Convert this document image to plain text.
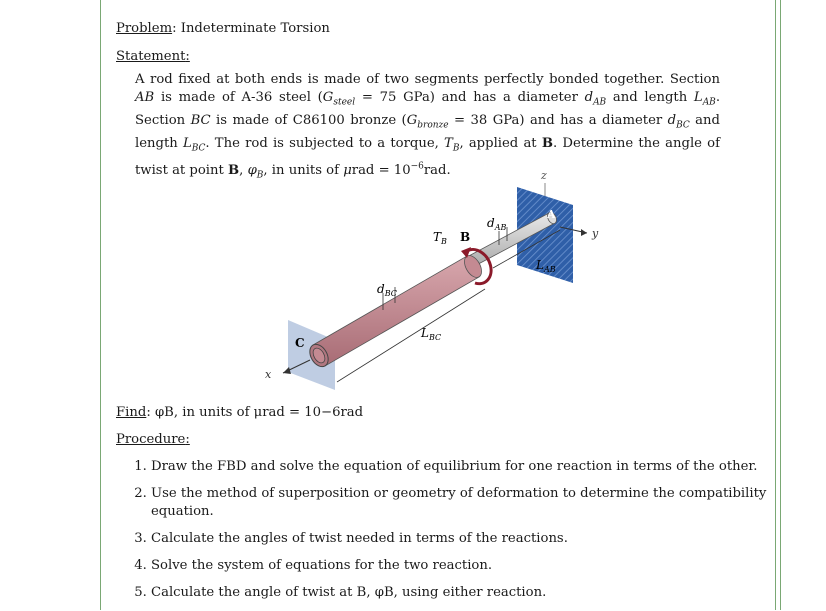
Problem: Indeterminate Torsion
Statement:

A rod fixed at both ends is made of two segments perfectly bonded together. Section AB is made of A-36 steel ($G_{steel} = 75$ GPa) and has a diameter $d_{AB}$ and length $L_{AB}$. Section BC is made of C86100 bronze ($G_{bronze} = 38$ GPa) and has a diameter $d_{BC}$ and length $L_{BC}$. The rod is subjected to a torque, $T_B$, applied at B. Determine the angle of twist at point B, $\varphi_B$, in units of $\mu rad = 10^{-6}rad$.	z
y
x
$d_{AB}$
$d_{BC}$
$L_{AB}$
$L_{BC}$
A
B
C
$T_B$
Find: φB, in units of μrad = 10−6rad
Procedure:
1. Draw the FBD and solve the equation of equilibrium for one reaction in terms of the other.
2. Use the method of superposition or geometry of deformation to determine the compatibility equation.
3. Calculate the angles of twist needed in terms of the reactions.
4. Solve the system of equations for the two reaction.
5. Calculate the angle of twist at B, φB, using either reaction.
